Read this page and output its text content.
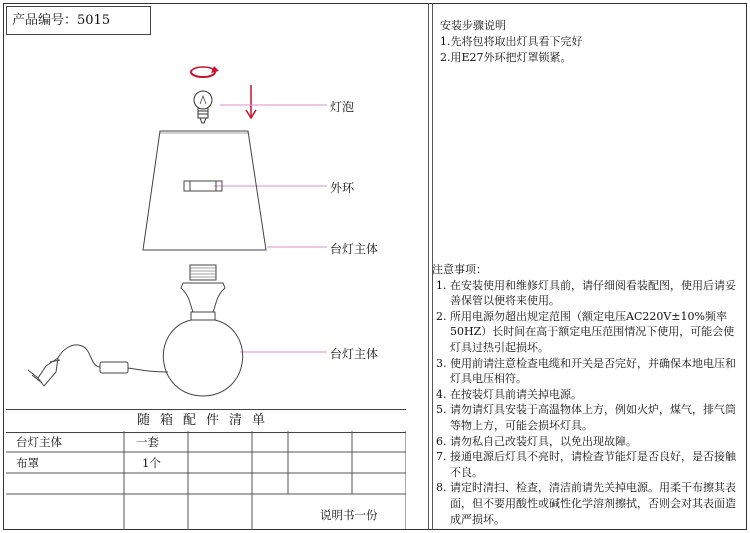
产品编号：5015	安装步骤说明
1.先将包将取出灯具看下完好
2.用E27外环把灯罩锁紧。
灯泡
外环
台灯主体
台灯主体
注意事项：
1. 在安装使用和维修灯具前，请仔细阅看装配图，使用后请妥善保管以便将来使用。
2. 所用电源勿超出规定范围（额定电压AC220V±10%频率50HZ）长时间在高于额定电压范围情况下使用，可能会使灯具过热引起损坏。
3. 使用前请注意检查电缆和开关是否完好，并确保本地电压和灯具电压相符。
4. 在按装灯具前请关掉电源。
5. 请勿请灯具安装于高温物体上方，例如火炉，煤气，排气筒等物上方，可能会损坏灯具。
6. 请勿私自己改装灯具，以免出现故障。
7. 接通电源后灯具不亮时，请检查节能灯是否良好，是否接触不良。
8. 请定时清扫、检查，清洁前请先关掉电源。用柔干布擦其表面，但不要用酸性或碱性化学溶剂擦拭，否则会对其表面造成严损坏。
随箱配件清单
台灯主体	一套
布罩	1个
说明书一份
